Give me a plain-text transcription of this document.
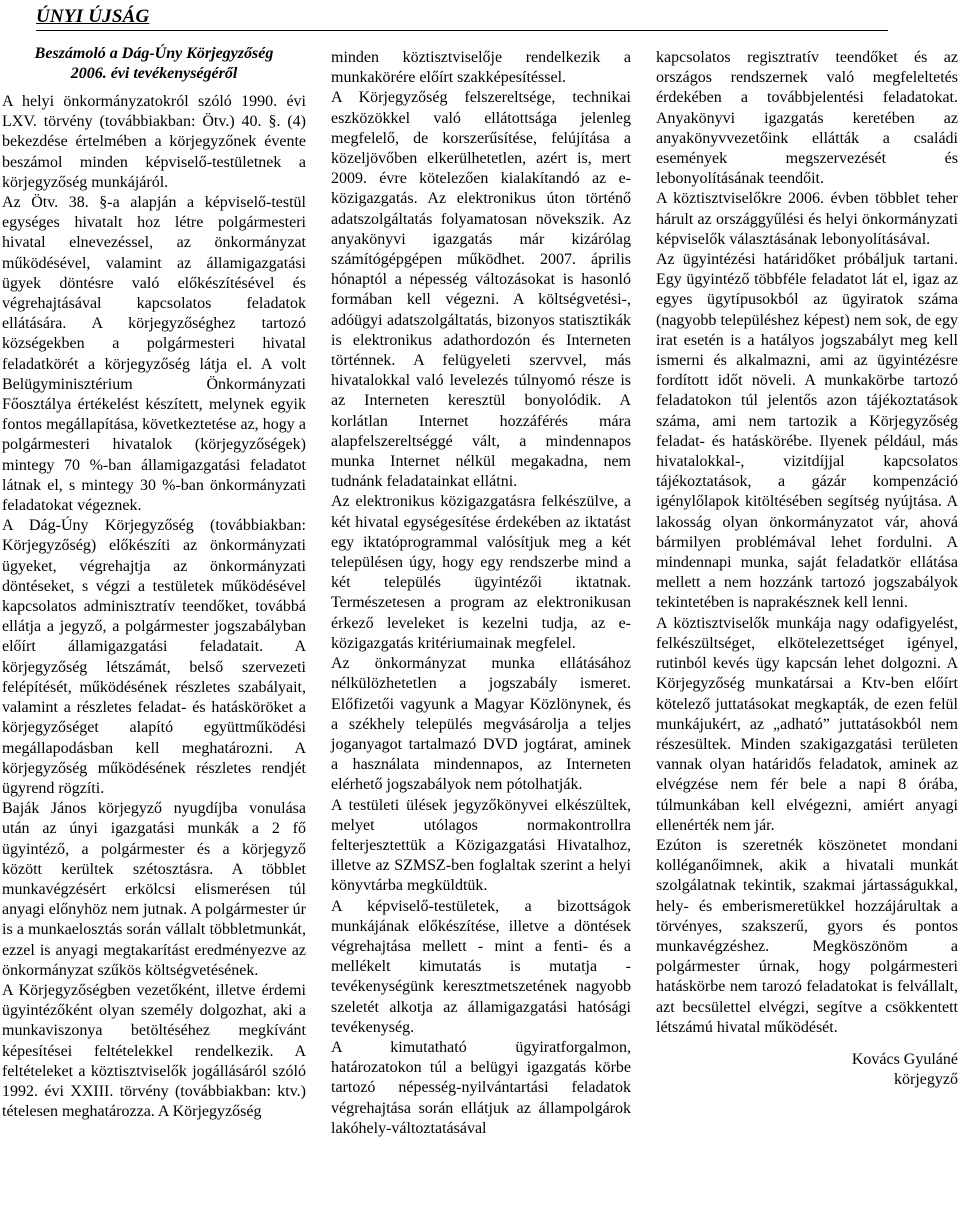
ÚNYI ÚJSÁG
Beszámoló a Dág-Úny Körjegyzőség
2006. évi tevékenységéről

A helyi önkormányzatokról szóló 1990. évi LXV. törvény (továbbiakban: Ötv.) 40. §. (4) bekezdése értelmében a körjegyzőnek évente beszámol minden képviselő-testületnek a körjegyzőség munkájáról.

Az Ötv. 38. §-a alapján a képviselő-testül egységes hivatalt hoz létre polgármesteri hivatal elnevezéssel, az önkormányzat működésével, valamint az államigazgatási ügyek döntésre való előkészítésével és végrehajtásával kapcsolatos feladatok ellátására. A körjegyzőséghez tartozó községekben a polgármesteri hivatal feladatkörét a körjegyzőség látja el. A volt Belügyminisztérium Önkormányzati Főosztálya értékelést készített, melynek egyik fontos megállapítása, következtetése az, hogy a polgármesteri hivatalok (körjegyzőségek) mintegy 70 %-ban államigazgatási feladatot látnak el, s mintegy 30 %-ban önkormányzati feladatokat végeznek.

A Dág-Úny Körjegyzőség (továbbiakban: Körjegyzőség) előkészíti az önkormányzati ügyeket, végrehajtja az önkormányzati döntéseket, s végzi a testületek működésével kapcsolatos adminisztratív teendőket, továbbá ellátja a jegyző, a polgármester jogszabályban előírt államigazgatási feladatait. A körjegyzőség létszámát, belső szervezeti felépítését, működésének részletes szabályait, valamint a részletes feladat- és hatásköröket a körjegyzőséget alapító együttműködési megállapodásban kell meghatározni. A körjegyzőség működésének részletes rendjét ügyrend rögzíti.

Baják János körjegyző nyugdíjba vonulása után az únyi igazgatási munkák a 2 fő ügyintéző, a polgármester és a körjegyző között kerültek szétosztásra. A többlet munkavégzésért erkölcsi elismerésen túl anyagi előnyhöz nem jutnak. A polgármester úr is a munkaelosztás során vállalt többletmunkát, ezzel is anyagi megtakarítást eredményezve az önkormányzat szűkös költségvetésének.

A Körjegyzőségben vezetőként, illetve érdemi ügyintézőként olyan személy dolgozhat, aki a munkaviszonya betöltéséhez megkívánt képesítései feltételekkel rendelkezik. A feltételeket a köztisztviselők jogállásáról szóló 1992. évi XXIII. törvény (továbbiakban: ktv.) tételesen meghatározza. A Körjegyzőség

minden köztisztviselője rendelkezik a munkakörére előírt szakképesítéssel.

A Körjegyzőség felszereltsége, technikai eszközökkel való ellátottsága jelenleg megfelelő, de korszerűsítése, felújítása a közeljövőben elkerülhetetlen, azért is, mert 2009. évre kötelezően kialakítandó az e-közigazgatás. Az elektronikus úton történő adatszolgáltatás folyamatosan növekszik. Az anyakönyvi igazgatás már kizárólag számítógépgépen működhet. 2007. április hónaptól a népesség változásokat is hasonló formában kell végezni. A költségvetési-, adóügyi adatszolgáltatás, bizonyos statisztikák is elektronikus adathordozón és Interneten történnek. A felügyeleti szervvel, más hivatalokkal való levelezés túlnyomó része is az Interneten keresztül bonyolódik. A korlátlan Internet hozzáférés mára alapfelszereltséggé vált, a mindennapos munka Internet nélkül megakadna, nem tudnánk feladatainkat ellátni.

Az elektronikus közigazgatásra felkészülve, a két hivatal egységesítése érdekében az iktatást egy iktatóprogrammal valósítjuk meg a két településen úgy, hogy egy rendszerbe mind a két település ügyintézői iktatnak. Természetesen a program az elektronikusan érkező leveleket is kezelni tudja, az e-közigazgatás kritériumainak megfelel.

Az önkormányzat munka ellátásához nélkülözhetetlen a jogszabály ismeret. Előfizetői vagyunk a Magyar Közlönynek, és a székhely település megvásárolja a teljes joganyagot tartalmazó DVD jogtárat, aminek a használata mindennapos, az Interneten elérhető jogszabályok nem pótolhatják.

A testületi ülések jegyzőkönyvei elkészültek, melyet utólagos normakontrollra felterjesztettük a Közigazgatási Hivatalhoz, illetve az SZMSZ-ben foglaltak szerint a helyi könyvtárba megküldtük.

A képviselő-testületek, a bizottságok munkájának előkészítése, illetve a döntések végrehajtása mellett - mint a fenti- és a mellékelt kimutatás is mutatja - tevékenységünk keresztmetszetének nagyobb szeletét alkotja az államigazgatási hatósági tevékenység.

A kimutatható ügyiratforgalmon, határozatokon túl a belügyi igazgatás körbe tartozó népesség-nyilvántartási feladatok végrehajtása során ellátjuk az állampolgárok lakóhely-változtatásával

kapcsolatos regisztratív teendőket és az országos rendszernek való megfeleltetés érdekében a továbbjelentési feladatokat. Anyakönyvi igazgatás keretében az anyakönyvvezetőink ellátták a családi események megszervezését és lebonyolításának teendőit.

A köztisztviselőkre 2006. évben többlet teher hárult az országgyűlési és helyi önkormányzati képviselők választásának lebonyolításával.

Az ügyintézési határidőket próbáljuk tartani. Egy ügyintéző többféle feladatot lát el, igaz az egyes ügytípusokból az ügyiratok száma (nagyobb településhez képest) nem sok, de egy irat esetén is a hatályos jogszabályt meg kell ismerni és alkalmazni, ami az ügyintézésre fordított időt növeli. A munkakörbe tartozó feladatokon túl jelentős azon tájékoztatások száma, ami nem tartozik a Körjegyzőség feladat- és hatáskörébe. Ilyenek például, más hivatalokkal-, vizitdíjjal kapcsolatos tájékoztatások, a gázár kompenzáció igénylőlapok kitöltésében segítség nyújtása. A lakosság olyan önkormányzatot vár, ahová bármilyen problémával lehet fordulni. A mindennapi munka, saját feladatkör ellátása mellett a nem hozzánk tartozó jogszabályok tekintetében is naprakésznek kell lenni.

A köztisztviselők munkája nagy odafigyelést, felkészültséget, elkötelezettséget igényel, rutinból kevés ügy kapcsán lehet dolgozni. A Körjegyzőség munkatársai a Ktv-ben előírt kötelező juttatásokat megkapták, de ezen felül munkájukért, az „adható” juttatásokból nem részesültek. Minden szakigazgatási területen vannak olyan határidős feladatok, aminek az elvégzése nem fér bele a napi 8 órába, túlmunkában kell elvégezni, amiért anyagi ellenérték nem jár.

Ezúton is szeretnék köszönetet mondani kolléganőimnek, akik a hivatali munkát szolgálatnak tekintik, szakmai jártasságukkal, hely- és emberismeretükkel hozzájárultak a törvényes, szakszerű, gyors és pontos munkavégzéshez. Megköszönöm a polgármester úrnak, hogy polgármesteri hatáskörbe nem tarozó feladatokat is felvállalt, azt becsülettel elvégzi, segítve a csökkentett létszámú hivatal működését.

Kovács Gyuláné
körjegyző
